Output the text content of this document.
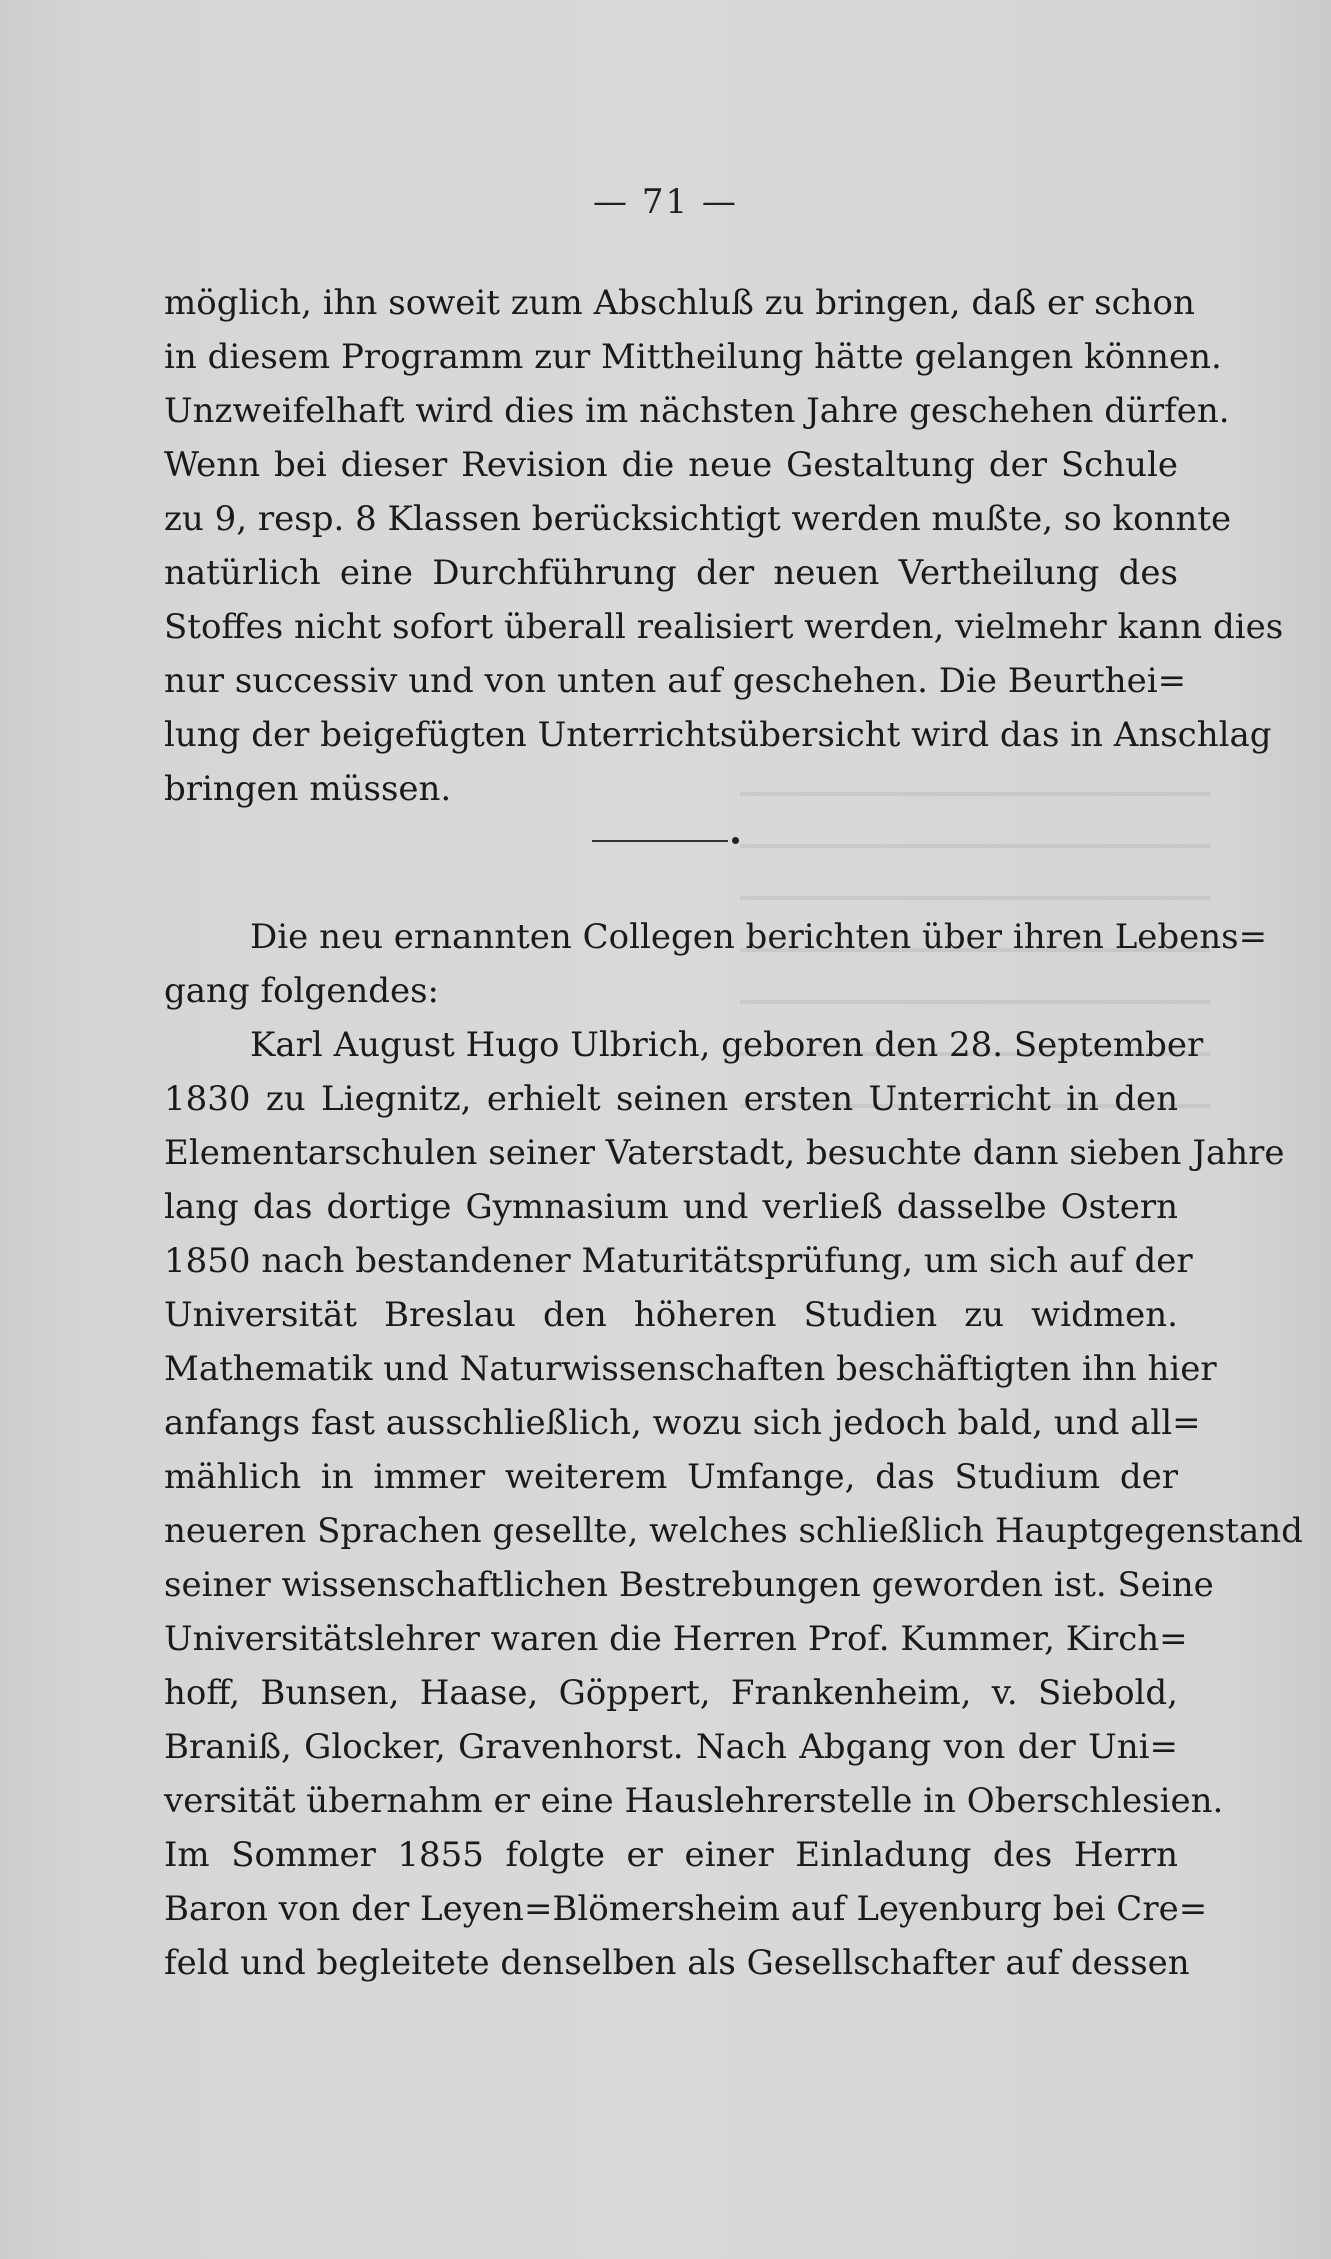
— 71 —
möglich, ihn soweit zum Abschluß zu bringen, daß er schon
in diesem Programm zur Mittheilung hätte gelangen können.
Unzweifelhaft wird dies im nächsten Jahre geschehen dürfen.
Wenn bei dieser Revision die neue Gestaltung der Schule
zu 9, resp. 8 Klassen berücksichtigt werden mußte, so konnte
natürlich eine Durchführung der neuen Vertheilung des
Stoffes nicht sofort überall realisiert werden, vielmehr kann dies
nur successiv und von unten auf geschehen. Die Beurthei=
lung der beigefügten Unterrichtsübersicht wird das in Anschlag
bringen müssen.
Die neu ernannten Collegen berichten über ihren Lebens=
gang folgendes:
Karl August Hugo Ulbrich, geboren den 28. September
1830 zu Liegnitz, erhielt seinen ersten Unterricht in den
Elementarschulen seiner Vaterstadt, besuchte dann sieben Jahre
lang das dortige Gymnasium und verließ dasselbe Ostern
1850 nach bestandener Maturitätsprüfung, um sich auf der
Universität Breslau den höheren Studien zu widmen.
Mathematik und Naturwissenschaften beschäftigten ihn hier
anfangs fast ausschließlich, wozu sich jedoch bald, und all=
mählich in immer weiterem Umfange, das Studium der
neueren Sprachen gesellte, welches schließlich Hauptgegenstand
seiner wissenschaftlichen Bestrebungen geworden ist. Seine
Universitätslehrer waren die Herren Prof. Kummer, Kirch=
hoff, Bunsen, Haase, Göppert, Frankenheim, v. Siebold,
Braniß, Glocker, Gravenhorst. Nach Abgang von der Uni=
versität übernahm er eine Hauslehrerstelle in Oberschlesien.
Im Sommer 1855 folgte er einer Einladung des Herrn
Baron von der Leyen=Blömersheim auf Leyenburg bei Cre=
feld und begleitete denselben als Gesellschafter auf dessen
